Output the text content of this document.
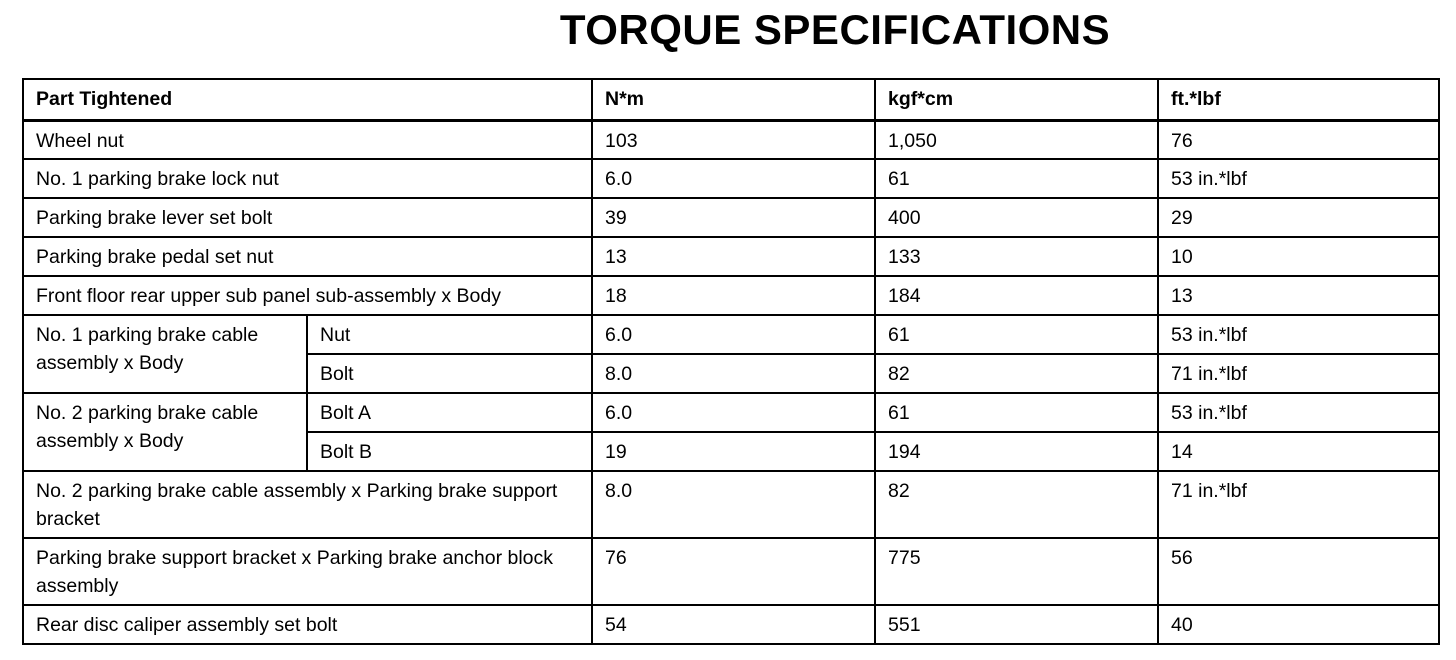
TORQUE SPECIFICATIONS
Part Tightened		N*m	kgf*cm	ft.*lbf
Wheel nut		103	1,050	76
No. 1 parking brake lock nut		6.0	61	53 in.*lbf
Parking brake lever set bolt		39	400	29
Parking brake pedal set nut		13	133	10
Front floor rear upper sub panel sub-assembly x Body		18	184	13
No. 1 parking brake cable assembly x Body	Nut	6.0	61	53 in.*lbf
	Bolt	8.0	82	71 in.*lbf
No. 2 parking brake cable assembly x Body	Bolt A	6.0	61	53 in.*lbf
	Bolt B	19	194	14
No. 2 parking brake cable assembly x Parking brake support bracket		8.0	82	71 in.*lbf
Parking brake support bracket x Parking brake anchor block assembly		76	775	56
Rear disc caliper assembly set bolt		54	551	40
